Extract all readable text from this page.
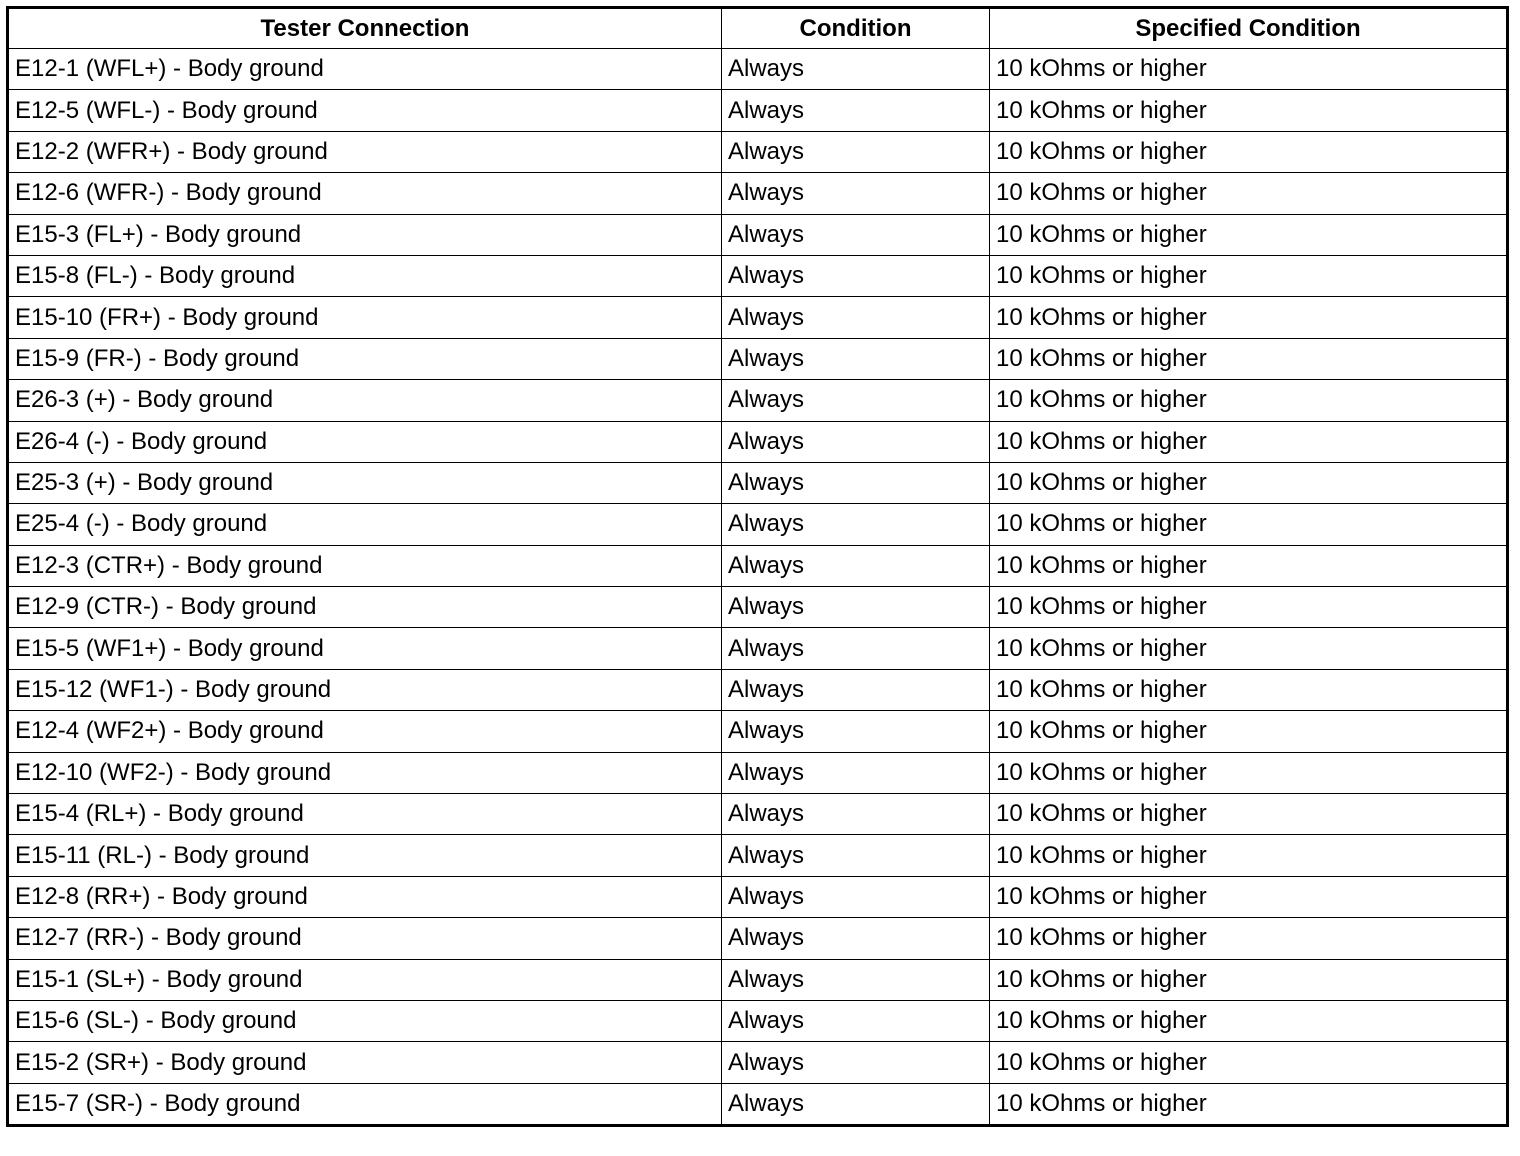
Tester Connection	Condition	Specified Condition
E12-1 (WFL+) - Body ground	Always	10 kOhms or higher
E12-5 (WFL-) - Body ground	Always	10 kOhms or higher
E12-2 (WFR+) - Body ground	Always	10 kOhms or higher
E12-6 (WFR-) - Body ground	Always	10 kOhms or higher
E15-3 (FL+) - Body ground	Always	10 kOhms or higher
E15-8 (FL-) - Body ground	Always	10 kOhms or higher
E15-10 (FR+) - Body ground	Always	10 kOhms or higher
E15-9 (FR-) - Body ground	Always	10 kOhms or higher
E26-3 (+) - Body ground	Always	10 kOhms or higher
E26-4 (-) - Body ground	Always	10 kOhms or higher
E25-3 (+) - Body ground	Always	10 kOhms or higher
E25-4 (-) - Body ground	Always	10 kOhms or higher
E12-3 (CTR+) - Body ground	Always	10 kOhms or higher
E12-9 (CTR-) - Body ground	Always	10 kOhms or higher
E15-5 (WF1+) - Body ground	Always	10 kOhms or higher
E15-12 (WF1-) - Body ground	Always	10 kOhms or higher
E12-4 (WF2+) - Body ground	Always	10 kOhms or higher
E12-10 (WF2-) - Body ground	Always	10 kOhms or higher
E15-4 (RL+) - Body ground	Always	10 kOhms or higher
E15-11 (RL-) - Body ground	Always	10 kOhms or higher
E12-8 (RR+) - Body ground	Always	10 kOhms or higher
E12-7 (RR-) - Body ground	Always	10 kOhms or higher
E15-1 (SL+) - Body ground	Always	10 kOhms or higher
E15-6 (SL-) - Body ground	Always	10 kOhms or higher
E15-2 (SR+) - Body ground	Always	10 kOhms or higher
E15-7 (SR-) - Body ground	Always	10 kOhms or higher
